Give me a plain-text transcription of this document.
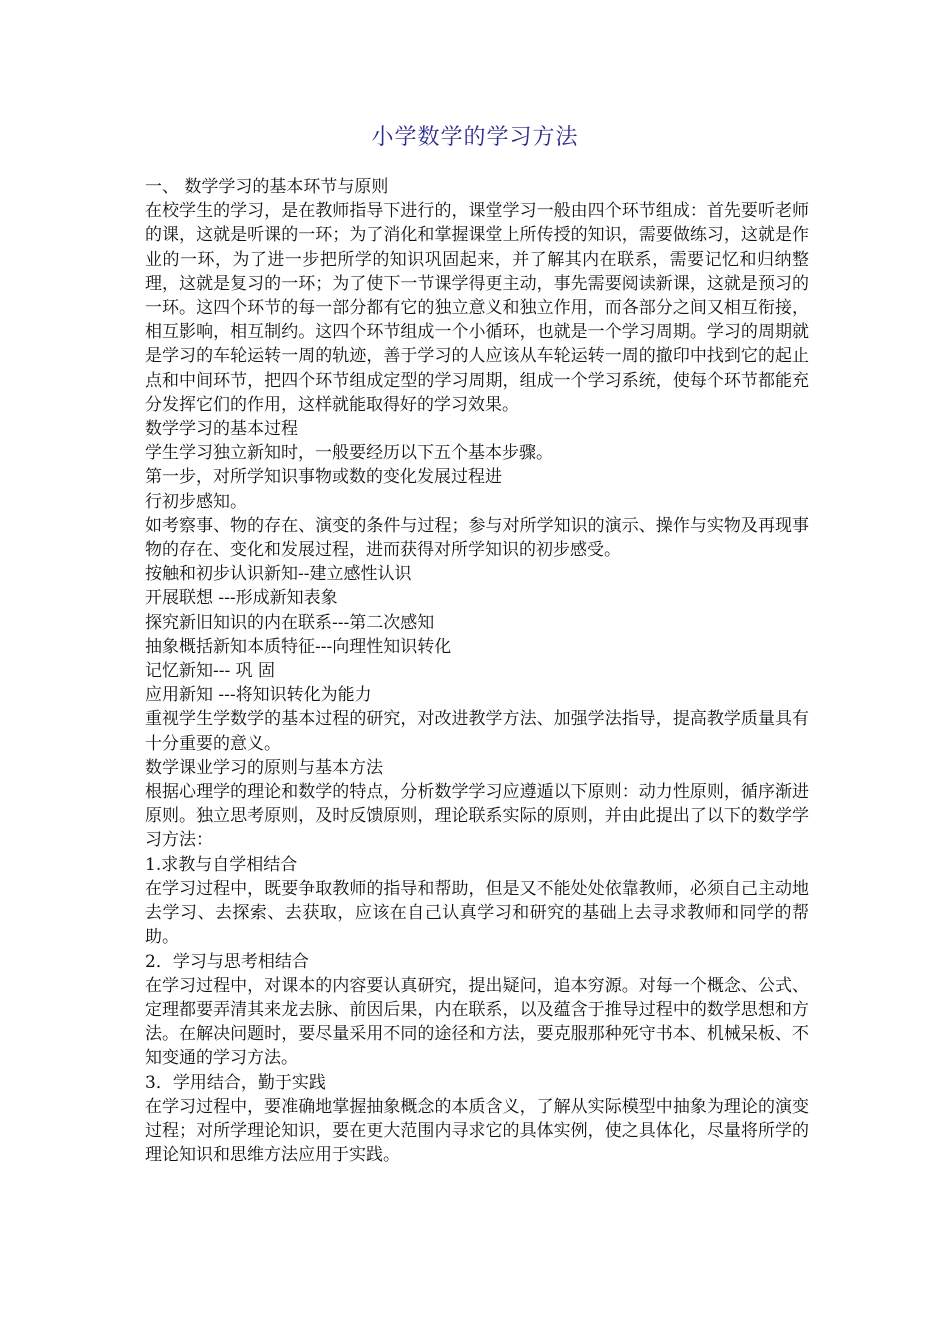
小学数学的学习方法

一、 数学学习的基本环节与原则

在校学生的学习，是在教师指导下进行的，课堂学习一般由四个环节组成：首先要听老师的课，这就是听课的一环；为了消化和掌握课堂上所传授的知识，需要做练习，这就是作业的一环，为了进一步把所学的知识巩固起来，并了解其内在联系，需要记忆和归纳整理，这就是复习的一环；为了使下一节课学得更主动，事先需要阅读新课，这就是预习的一环。这四个环节的每一部分都有它的独立意义和独立作用，而各部分之间又相互衔接，相互影响，相互制约。这四个环节组成一个小循环，也就是一个学习周期。学习的周期就是学习的车轮运转一周的轨迹，善于学习的人应该从车轮运转一周的撤印中找到它的起止点和中间环节，把四个环节组成定型的学习周期，组成一个学习系统，使每个环节都能充分发挥它们的作用，这样就能取得好的学习效果。

数学学习的基本过程

学生学习独立新知时，一般要经历以下五个基本步骤。

第一步，对所学知识事物或数的变化发展过程进

行初步感知。

如考察事、物的存在、演变的条件与过程；参与对所学知识的演示、操作与实物及再现事物的存在、变化和发展过程，进而获得对所学知识的初步感受。

按触和初步认识新知--建立感性认识

开展联想 ---形成新知表象

探究新旧知识的内在联系---第二次感知

抽象概括新知本质特征---向理性知识转化

记忆新知--- 巩 固

应用新知 ---将知识转化为能力

重视学生学数学的基本过程的研究，对改进教学方法、加强学法指导，提高教学质量具有十分重要的意义。

数学课业学习的原则与基本方法

根据心理学的理论和数学的特点，分析数学学习应遵遁以下原则：动力性原则，循序渐进原则。独立思考原则，及时反馈原则，理论联系实际的原则，并由此提出了以下的数学学习方法：

1.求教与自学相结合

在学习过程中，既要争取教师的指导和帮助，但是又不能处处依靠教师，必须自己主动地去学习、去探索、去获取，应该在自己认真学习和研究的基础上去寻求教师和同学的帮助。

2．学习与思考相结合

在学习过程中，对课本的内容要认真研究，提出疑问，追本穷源。对每一个概念、公式、定理都要弄清其来龙去脉、前因后果，内在联系，以及蕴含于推导过程中的数学思想和方法。在解决问题时，要尽量采用不同的途径和方法，要克服那种死守书本、机械呆板、不知变通的学习方法。

3．学用结合，勤于实践

在学习过程中，要准确地掌握抽象概念的本质含义，了解从实际模型中抽象为理论的演变过程；对所学理论知识，要在更大范围内寻求它的具体实例，使之具体化，尽量将所学的理论知识和思维方法应用于实践。
